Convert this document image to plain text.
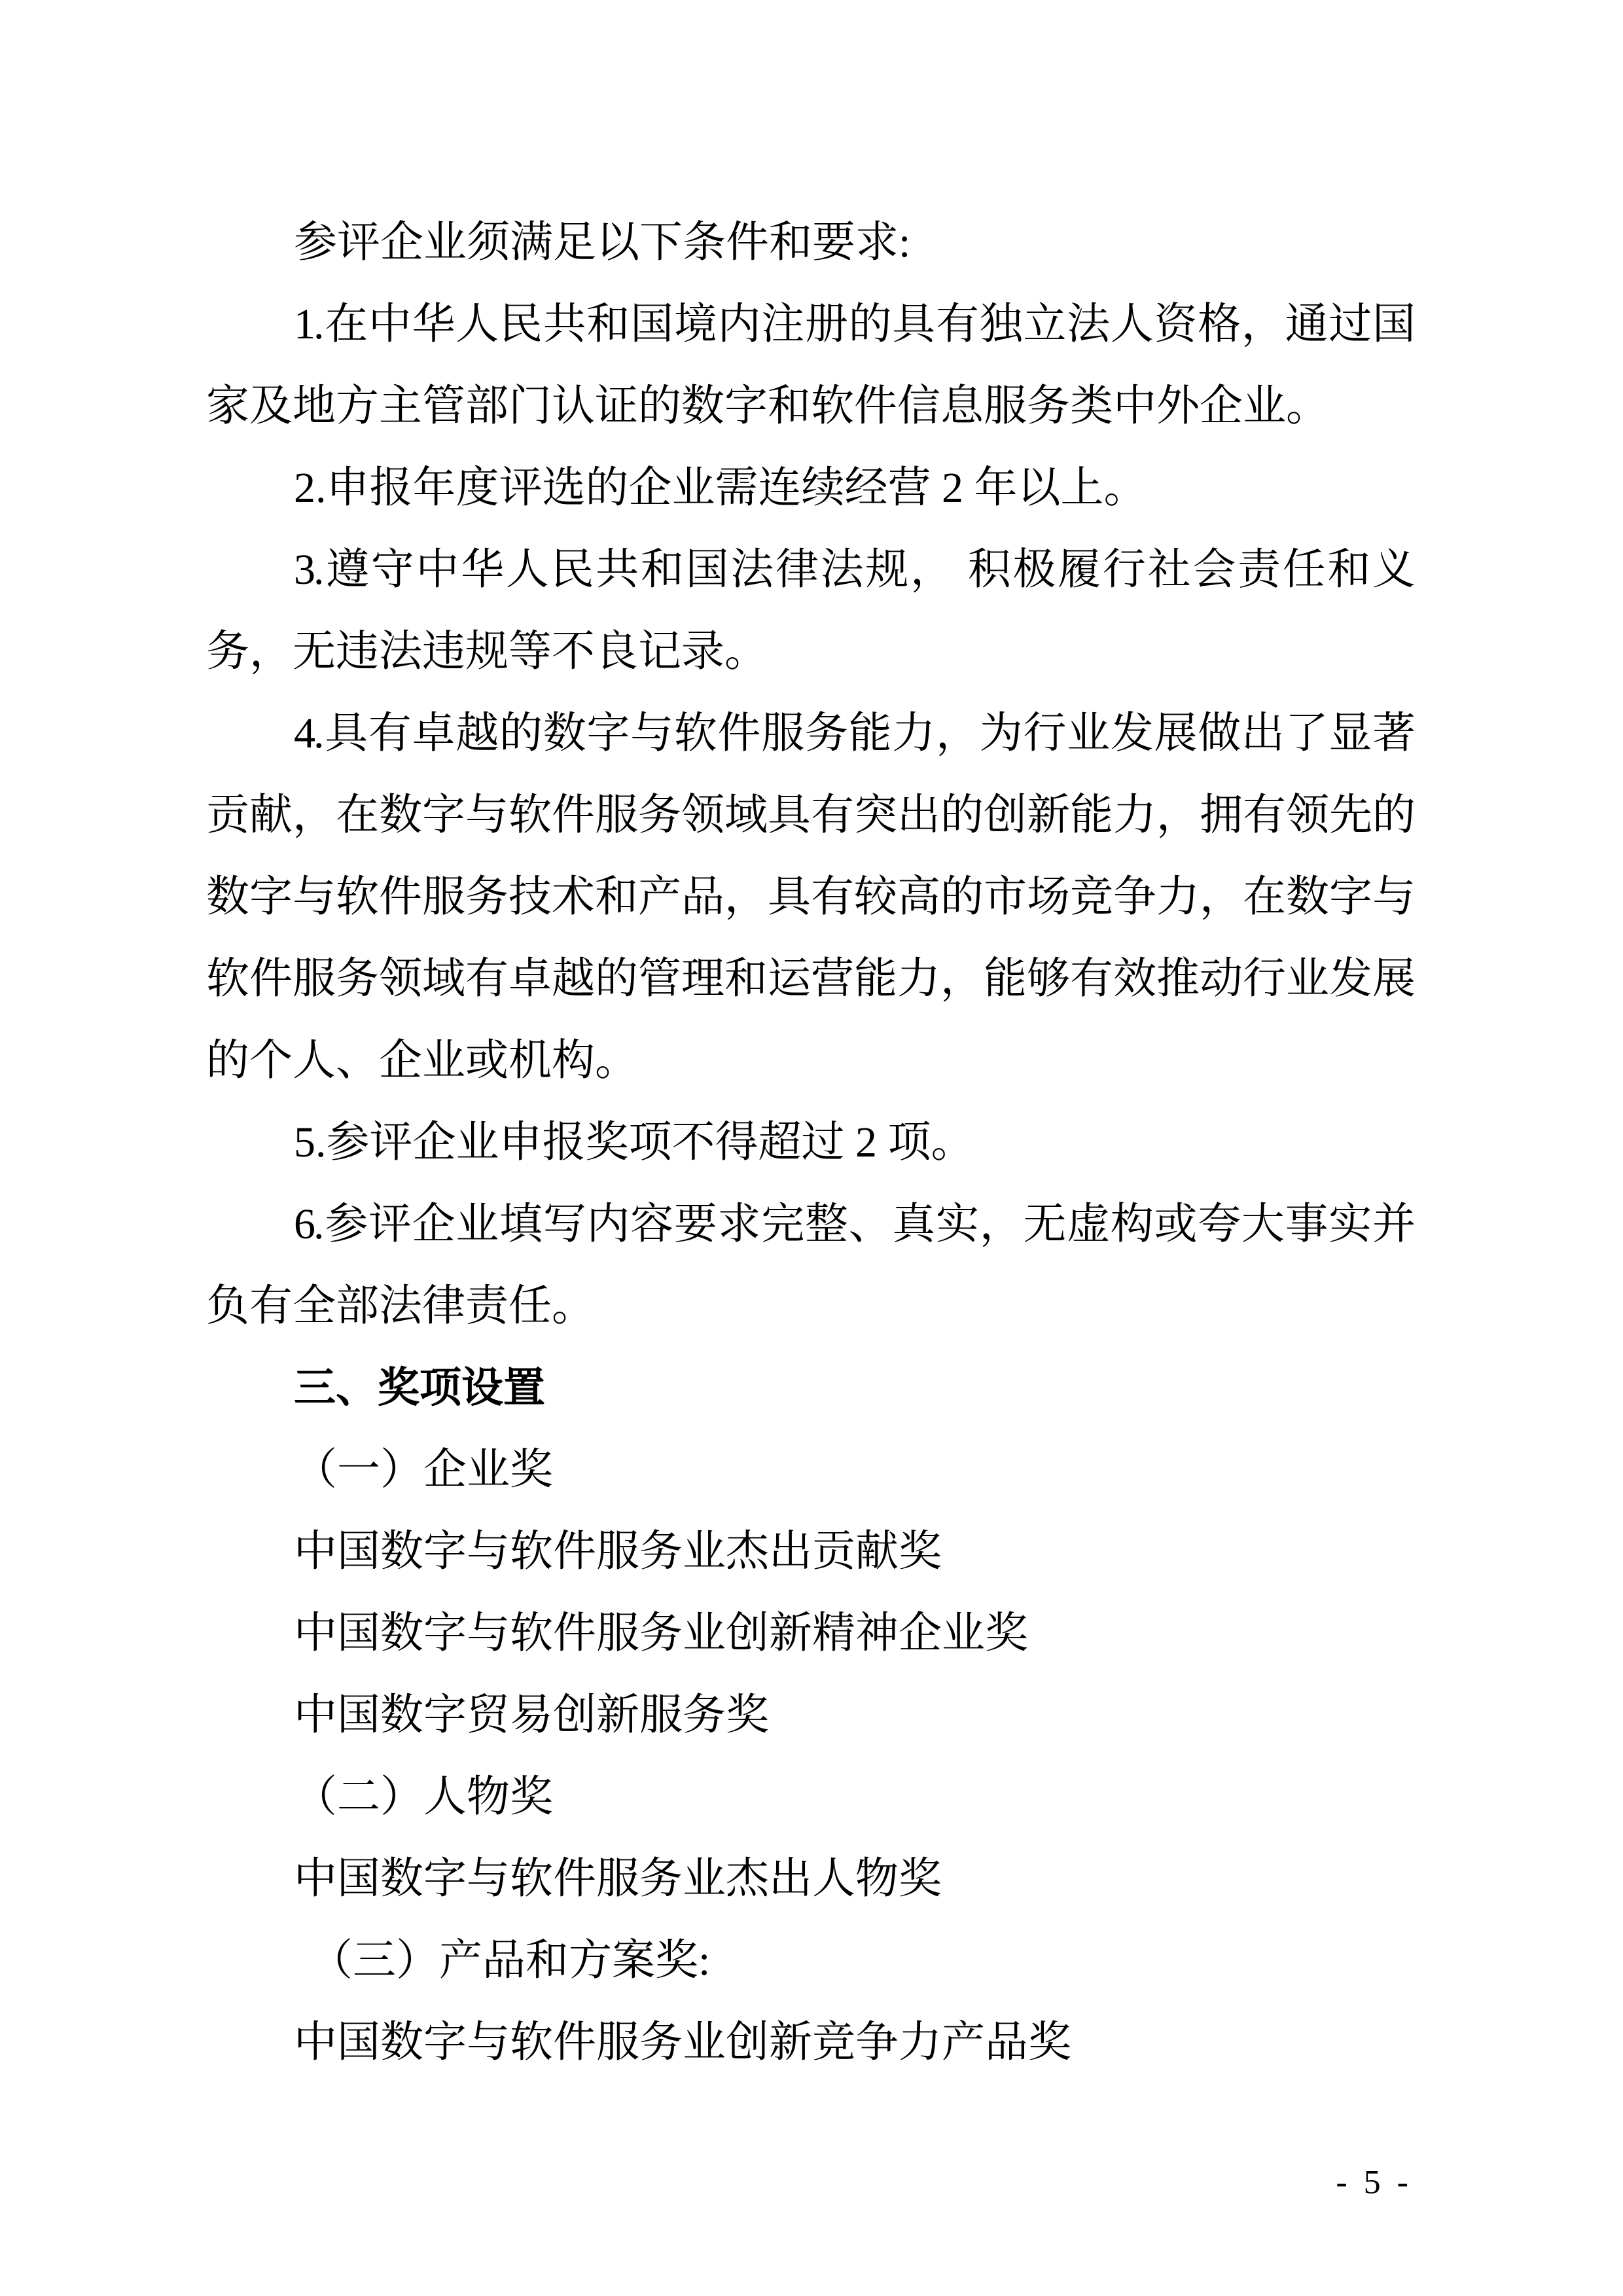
参评企业须满足以下条件和要求:
1.在中华人民共和国境内注册的具有独立法人资格，通过国
家及地方主管部门认证的数字和软件信息服务类中外企业。
2.申报年度评选的企业需连续经营 2 年以上。
3.遵守中华人民共和国法律法规， 积极履行社会责任和义
务，无违法违规等不良记录。
4.具有卓越的数字与软件服务能力，为行业发展做出了显著
贡献，在数字与软件服务领域具有突出的创新能力，拥有领先的
数字与软件服务技术和产品，具有较高的市场竞争力，在数字与
软件服务领域有卓越的管理和运营能力，能够有效推动行业发展
的个人、企业或机构。
5.参评企业申报奖项不得超过 2 项。
6.参评企业填写内容要求完整、真实，无虚构或夸大事实并
负有全部法律责任。
三、奖项设置
（一）企业奖
中国数字与软件服务业杰出贡献奖
中国数字与软件服务业创新精神企业奖
中国数字贸易创新服务奖
（二）人物奖
中国数字与软件服务业杰出人物奖
（三）产品和方案奖:
中国数字与软件服务业创新竞争力产品奖
- 5 -
